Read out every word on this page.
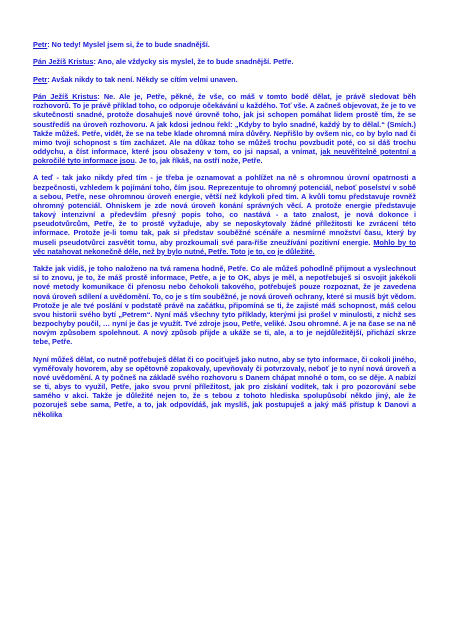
Petr: No tedy! Myslel jsem si, že to bude snadnější.

Pán Ježíš Kristus: Ano, ale vždycky sis myslel, že to bude snadnější. Petře.

Petr: Avšak nikdy to tak není. Někdy se cítím velmi unaven.

Pán Ježíš Kristus: Ne. Ale je, Petře, pěkné, že vše, co máš v tomto bodě dělat, je právě sledovat běh rozhovorů. To je právě příklad toho, co odporuje očekávání u každého. Toť vše. A začneš objevovat, že je to ve skutečnosti snadné, protože dosahuješ nové úrovně toho, jak jsi schopen pomáhat lidem prostě tím, že se soustředíš na úroveň rozhovoru. A jak kdosi jednou řekl: „Kdyby to bylo snadné, každý by to dělal.“ (Smích.) Takže můžeš. Petře, vidět, že se na tebe klade ohromná míra důvěry. Nepřišlo by ovšem nic, co by bylo nad či mimo tvoji schopnost s tím zacházet. Ale na důkaz toho se můžeš trochu povzbudit poté, co si dáš trochu oddychu, a číst informace, které jsou obsaženy v tom, co jsi napsal, a vnímat, jak neuvěřitelně potentní a pokročilé tyto informace jsou. Je to, jak říkáš, na ostří nože, Petře.

A teď - tak jako nikdy před tím - je třeba je oznamovat a pohlížet na ně s ohromnou úrovní opatrnosti a bezpečnosti, vzhledem k pojímání toho, čím jsou. Reprezentuje to ohromný potenciál, neboť poselství v sobě a sebou, Petře, nese ohromnou úroveň energie, větší než kdykoli před tím. A kvůli tomu představuje rovněž ohromný potenciál. Ohniskem je zde nová úroveň konání správných věcí. A protože energie představuje takový intenzivní a především přesný popis toho, co nastává - a tato znalost, je nová dokonce i pseudotvůrcům, Petře, že to prostě vyžaduje, aby se neposkytovaly žádné příležitosti ke zvrácení této informace. Protože je-li tomu tak, pak si představ souběžné scénáře a nesmírné množství času, který by museli pseudotvůrci zasvětit tomu, aby prozkoumali své para-říše zneužívání pozitivní energie. Mohlo by to věc natahovat nekonečně déle, než by bylo nutné, Petře. Toto je to, co je důležité.

Takže jak vidíš, je toho naloženo na tvá ramena hodně, Petře. Co ale můžeš pohodlně přijmout a vyslechnout si to znovu, je to, že máš prostě informace, Petře, a je to OK, abys je měl, a nepotřebuješ si osvojit jakékoli nové metody komunikace či přenosu nebo čehokoli takového, potřebuješ pouze rozpoznat, že je zavedena nová úroveň sdílení a uvědomění. To, co je s tím souběžné, je nová úroveň ochrany, které si musíš být vědom. Protože je ale tvé poslání v podstatě právě na začátku, připomíná se ti, že zajisté máš schopnost, máš celou svou historii svého bytí „Petrem“. Nyní máš všechny tyto příklady, kterými jsi prošel v minulosti, z nichž ses bezpochyby poučil, … nyní je čas je využít. Tvé zdroje jsou, Petře, veliké. Jsou ohromné. A je na čase se na ně novým způsobem spolehnout. A nový způsob přijde a ukáže se ti, ale, a to je nejdůležitější, přichází skrze tebe, Petře.

Nyní můžeš dělat, co nutně potřebuješ dělat či co pociťuješ jako nutno, aby se tyto informace, či cokoli jiného, vyměřovaly hovorem, aby se opětovně zopakovaly, upevňovaly či potvrzovaly, neboť je to nyní nová úroveň a nové uvědomění. A ty počneš na základě svého rozhovoru s Danem chápat mnohé o tom, co se děje. A nabízí se ti, abys to využil, Petře, jako svou první příležitost, jak pro získání vodítek, tak i pro pozorování sebe samého v akci. Takže je důležité nejen to, že s tebou z tohoto hlediska spolupůsobí někdo jiný, ale že pozoruješ sebe sama, Petře, a to, jak odpovídáš, jak myslíš, jak postupuješ a jaký máš přístup k Danovi a několika
